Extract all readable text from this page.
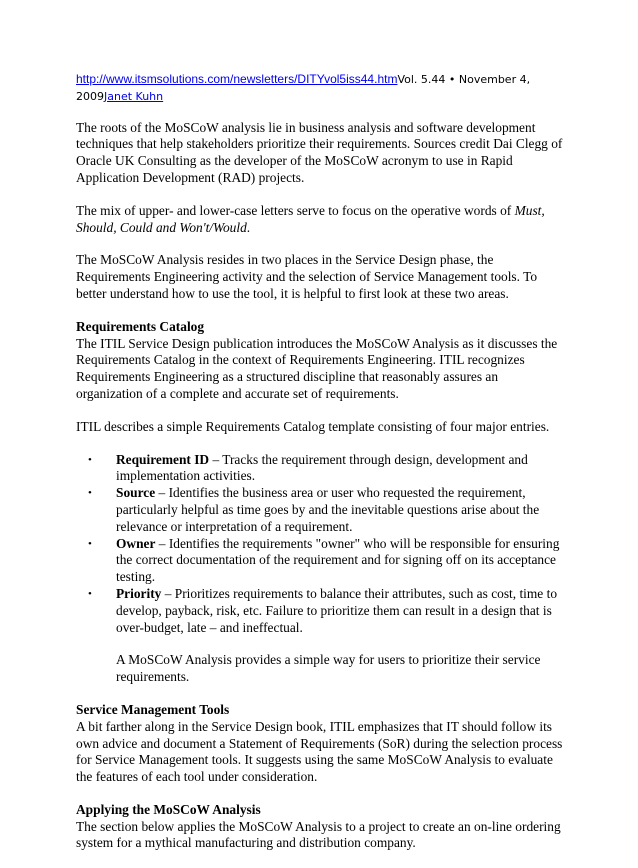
http://www.itsmsolutions.com/newsletters/DITYvol5iss44.htmVol. 5.44 • November 4, 2009Janet Kuhn

The roots of the MoSCoW analysis lie in business analysis and software development techniques that help stakeholders prioritize their requirements. Sources credit Dai Clegg of Oracle UK Consulting as the developer of the MoSCoW acronym to use in Rapid Application Development (RAD) projects.

The mix of upper- and lower-case letters serve to focus on the operative words of Must, Should, Could and Won't/Would.

The MoSCoW Analysis resides in two places in the Service Design phase, the Requirements Engineering activity and the selection of Service Management tools. To better understand how to use the tool, it is helpful to first look at these two areas.

Requirements Catalog

The ITIL Service Design publication introduces the MoSCoW Analysis as it discusses the Requirements Catalog in the context of Requirements Engineering. ITIL recognizes Requirements Engineering as a structured discipline that reasonably assures an organization of a complete and accurate set of requirements.

ITIL describes a simple Requirements Catalog template consisting of four major entries.

• Requirement ID – Tracks the requirement through design, development and implementation activities.
• Source – Identifies the business area or user who requested the requirement, particularly helpful as time goes by and the inevitable questions arise about the relevance or interpretation of a requirement.
• Owner – Identifies the requirements "owner" who will be responsible for ensuring the correct documentation of the requirement and for signing off on its acceptance testing.
• Priority – Prioritizes requirements to balance their attributes, such as cost, time to develop, payback, risk, etc. Failure to prioritize them can result in a design that is over-budget, late – and ineffectual.

A MoSCoW Analysis provides a simple way for users to prioritize their service requirements.

Service Management Tools

A bit farther along in the Service Design book, ITIL emphasizes that IT should follow its own advice and document a Statement of Requirements (SoR) during the selection process for Service Management tools. It suggests using the same MoSCoW Analysis to evaluate the features of each tool under consideration.

Applying the MoSCoW Analysis

The section below applies the MoSCoW Analysis to a project to create an on-line ordering system for a mythical manufacturing and distribution company.
